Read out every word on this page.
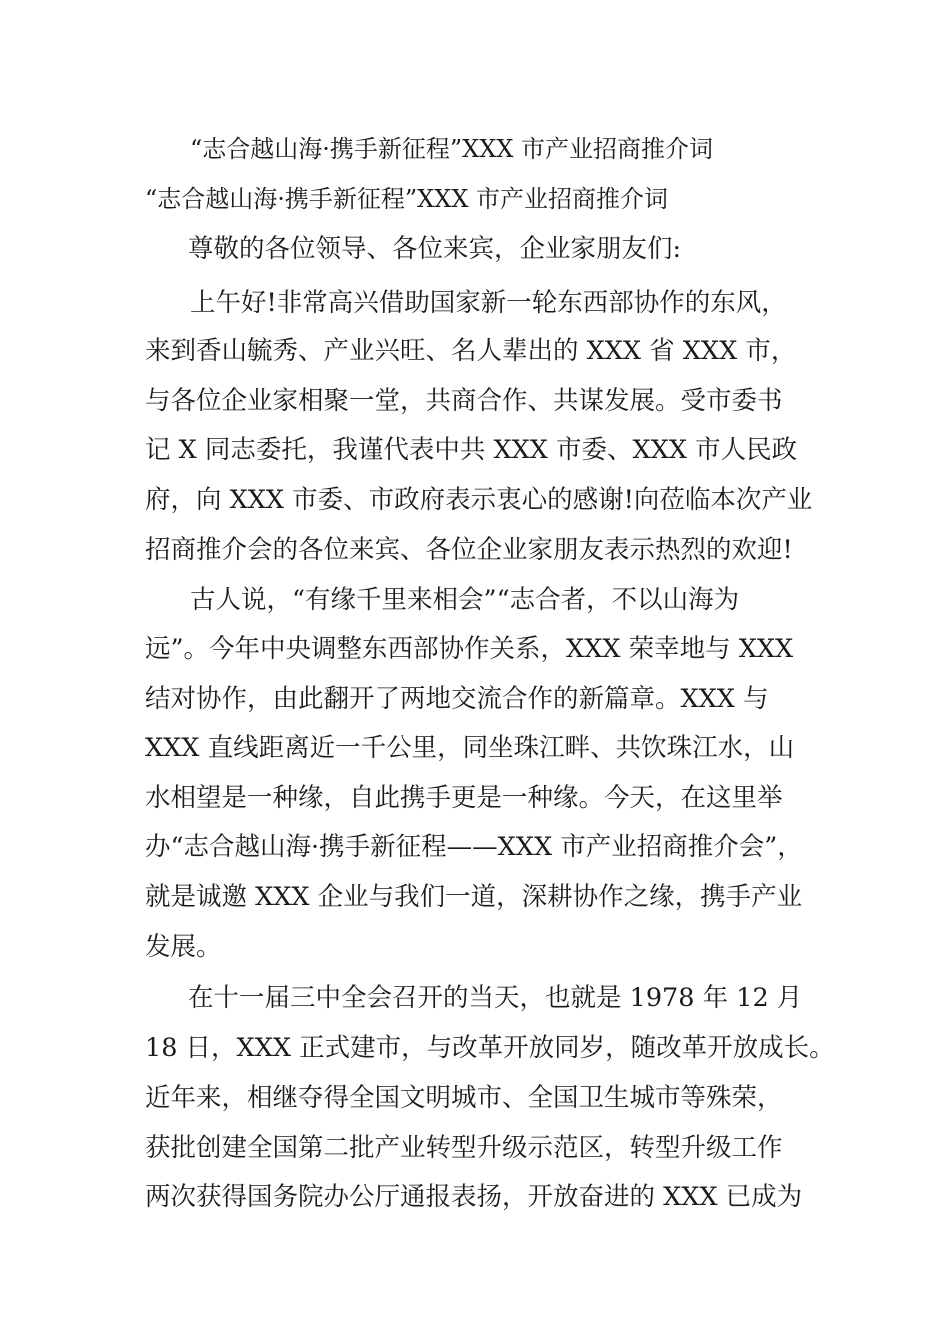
“志合越山海·携手新征程”XXX 市产业招商推介词
“志合越山海·携手新征程”XXX 市产业招商推介词
尊敬的各位领导、各位来宾，企业家朋友们:
上午好!非常高兴借助国家新一轮东西部协作的东风，
来到香山毓秀、产业兴旺、名人辈出的 XXX 省 XXX 市，
与各位企业家相聚一堂，共商合作、共谋发展。受市委书
记 X 同志委托，我谨代表中共 XXX 市委、XXX 市人民政
府，向 XXX 市委、市政府表示衷心的感谢!向莅临本次产业
招商推介会的各位来宾、各位企业家朋友表示热烈的欢迎!
古人说，“有缘千里来相会”“志合者，不以山海为
远”。今年中央调整东西部协作关系，XXX 荣幸地与 XXX
结对协作，由此翻开了两地交流合作的新篇章。XXX 与
XXX 直线距离近一千公里，同坐珠江畔、共饮珠江水，山
水相望是一种缘，自此携手更是一种缘。今天，在这里举
办“志合越山海·携手新征程——XXX 市产业招商推介会”，
就是诚邀 XXX 企业与我们一道，深耕协作之缘，携手产业
发展。
在十一届三中全会召开的当天，也就是 1978 年 12 月
18 日，XXX 正式建市，与改革开放同岁，随改革开放成长。
近年来，相继夺得全国文明城市、全国卫生城市等殊荣，
获批创建全国第二批产业转型升级示范区，转型升级工作
两次获得国务院办公厅通报表扬，开放奋进的 XXX 已成为
